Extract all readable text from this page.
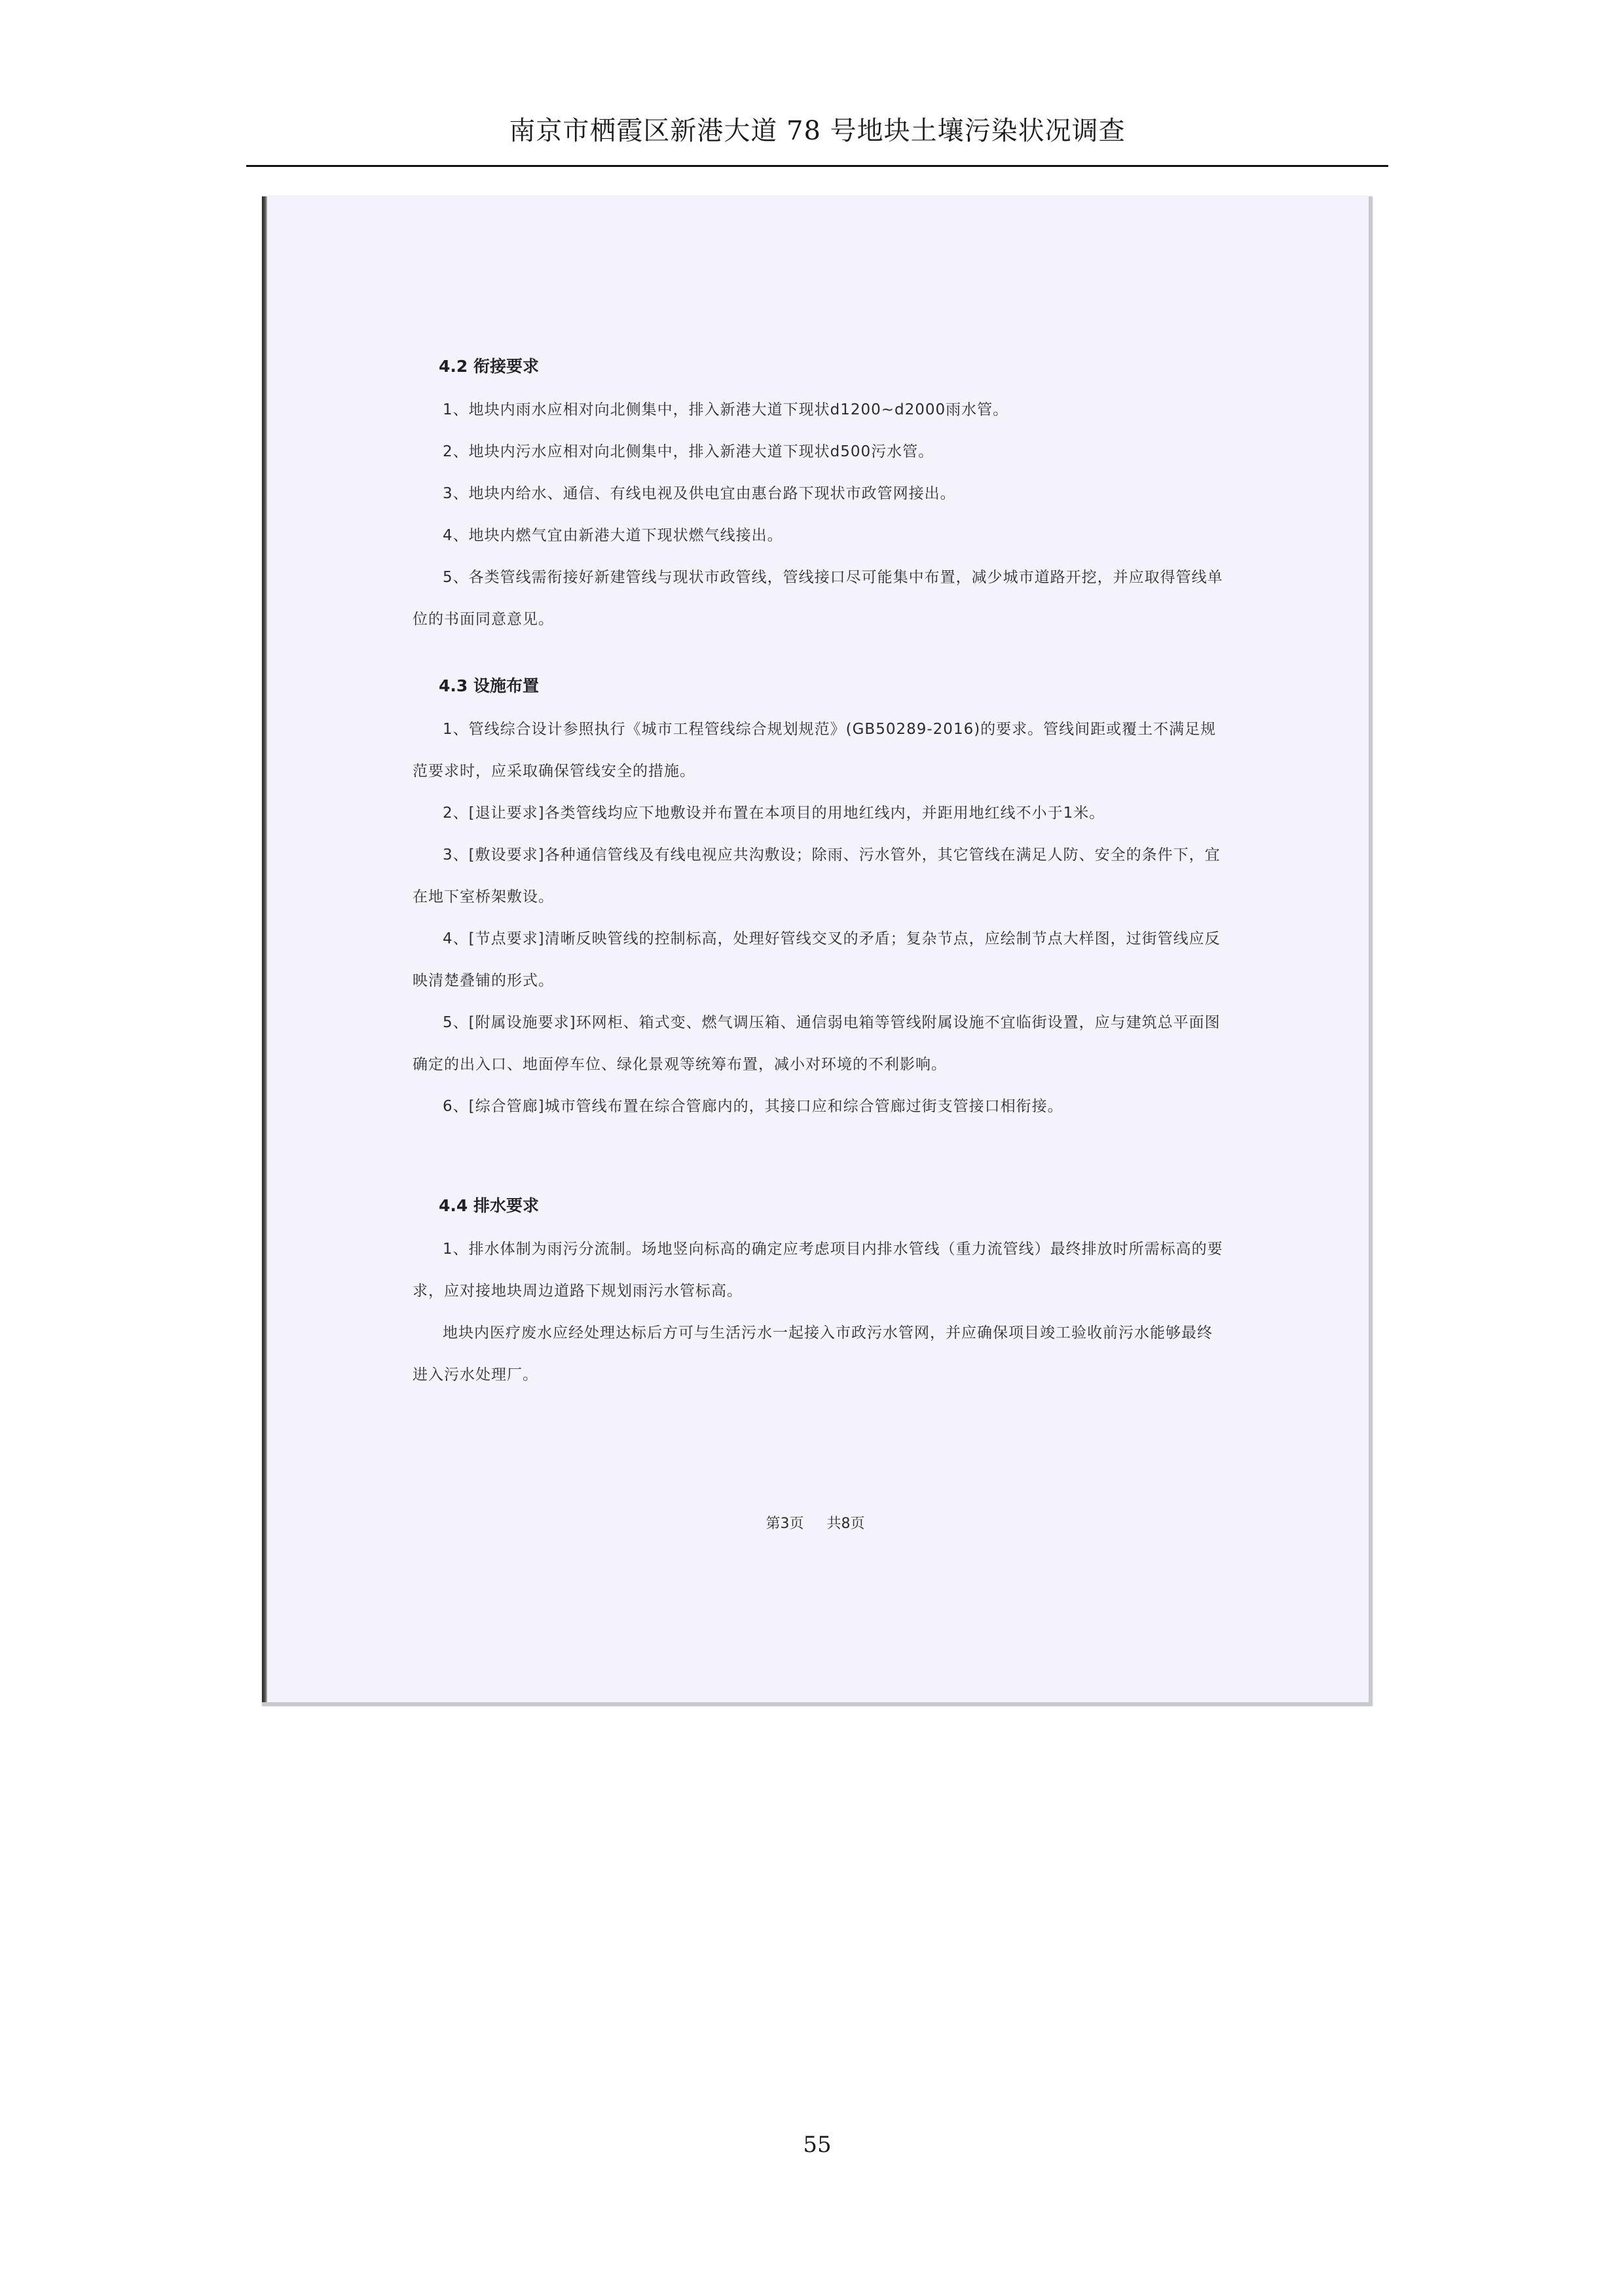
南京市栖霞区新港大道 78 号地块土壤污染状况调查
4.2 衔接要求

1、地块内雨水应相对向北侧集中，排入新港大道下现状d1200~d2000雨水管。

2、地块内污水应相对向北侧集中，排入新港大道下现状d500污水管。

3、地块内给水、通信、有线电视及供电宜由惠台路下现状市政管网接出。

4、地块内燃气宜由新港大道下现状燃气线接出。

5、各类管线需衔接好新建管线与现状市政管线，管线接口尽可能集中布置，减少城市道路开挖，并应取得管线单位的书面同意意见。

4.3 设施布置

1、管线综合设计参照执行《城市工程管线综合规划规范》(GB50289-2016)的要求。管线间距或覆土不满足规范要求时，应采取确保管线安全的措施。

2、[退让要求]各类管线均应下地敷设并布置在本项目的用地红线内，并距用地红线不小于1米。

3、[敷设要求]各种通信管线及有线电视应共沟敷设；除雨、污水管外，其它管线在满足人防、安全的条件下，宜在地下室桥架敷设。

4、[节点要求]清晰反映管线的控制标高，处理好管线交叉的矛盾；复杂节点，应绘制节点大样图，过街管线应反映清楚叠铺的形式。

5、[附属设施要求]环网柜、箱式变、燃气调压箱、通信弱电箱等管线附属设施不宜临街设置，应与建筑总平面图确定的出入口、地面停车位、绿化景观等统筹布置，减小对环境的不利影响。

6、[综合管廊]城市管线布置在综合管廊内的，其接口应和综合管廊过街支管接口相衔接。

4.4 排水要求

1、排水体制为雨污分流制。场地竖向标高的确定应考虑项目内排水管线（重力流管线）最终排放时所需标高的要求，应对接地块周边道路下规划雨污水管标高。

地块内医疗废水应经处理达标后方可与生活污水一起接入市政污水管网，并应确保项目竣工验收前污水能够最终进入污水处理厂。

第3页 共8页
55
